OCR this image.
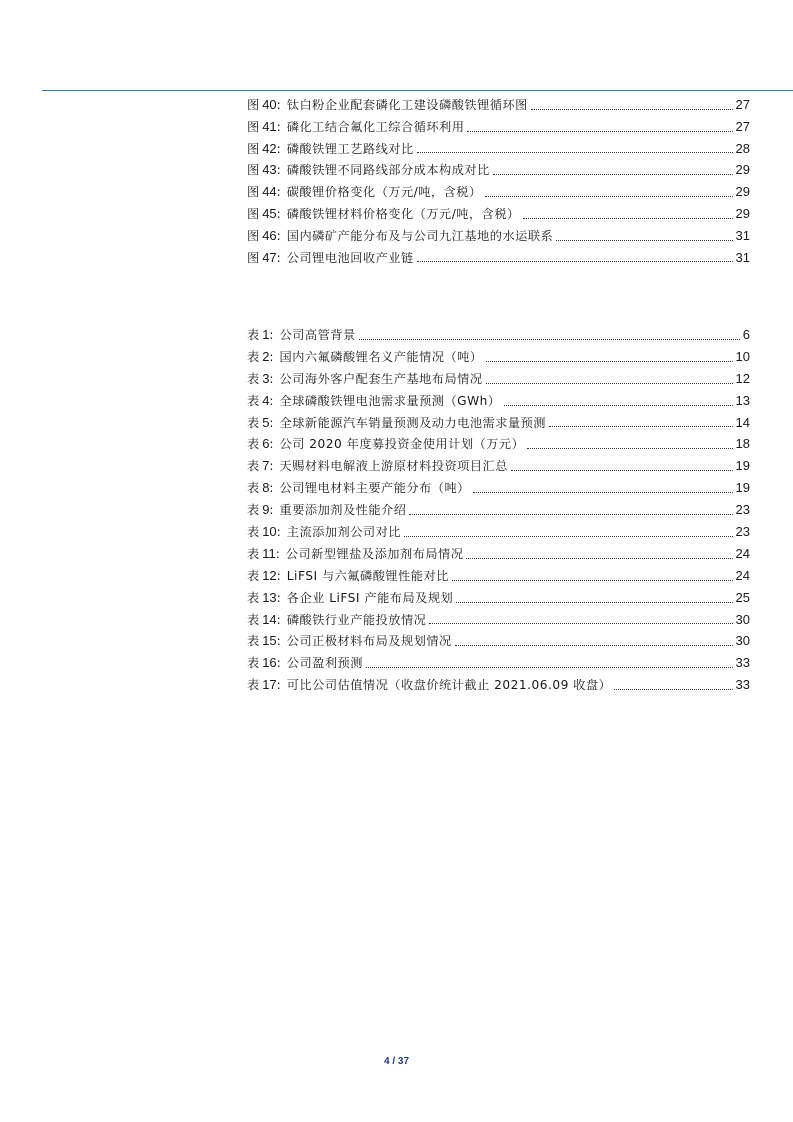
图 40 : 钛白粉企业配套磷化工建设磷酸铁锂循环图	27
图 41 : 磷化工结合氟化工综合循环利用	27
图 42 : 磷酸铁锂工艺路线对比	28
图 43 : 磷酸铁锂不同路线部分成本构成对比	29
图 44 : 碳酸锂价格变化（万元/吨，含税）	29
图 45 : 磷酸铁锂材料价格变化（万元/吨，含税）	29
图 46 : 国内磷矿产能分布及与公司九江基地的水运联系	31
图 47 : 公司锂电池回收产业链	31
表 1 : 公司高管背景	6
表 2 : 国内六氟磷酸锂名义产能情况（吨）	10
表 3 : 公司海外客户配套生产基地布局情况	12
表 4 : 全球磷酸铁锂电池需求量预测（GWh）	13
表 5 : 全球新能源汽车销量预测及动力电池需求量预测	14
表 6 : 公司 2020 年度募投资金使用计划（万元）	18
表 7 : 天赐材料电解液上游原材料投资项目汇总	19
表 8 : 公司锂电材料主要产能分布（吨）	19
表 9 : 重要添加剂及性能介绍	23
表 10 : 主流添加剂公司对比	23
表 11 : 公司新型锂盐及添加剂布局情况	24
表 12 : LiFSI 与六氟磷酸锂性能对比	24
表 13 : 各企业 LiFSI 产能布局及规划	25
表 14 : 磷酸铁行业产能投放情况	30
表 15 : 公司正极材料布局及规划情况	30
表 16 : 公司盈利预测	33
表 17 : 可比公司估值情况（收盘价统计截止 2021.06.09 收盘）	33
4 / 37
